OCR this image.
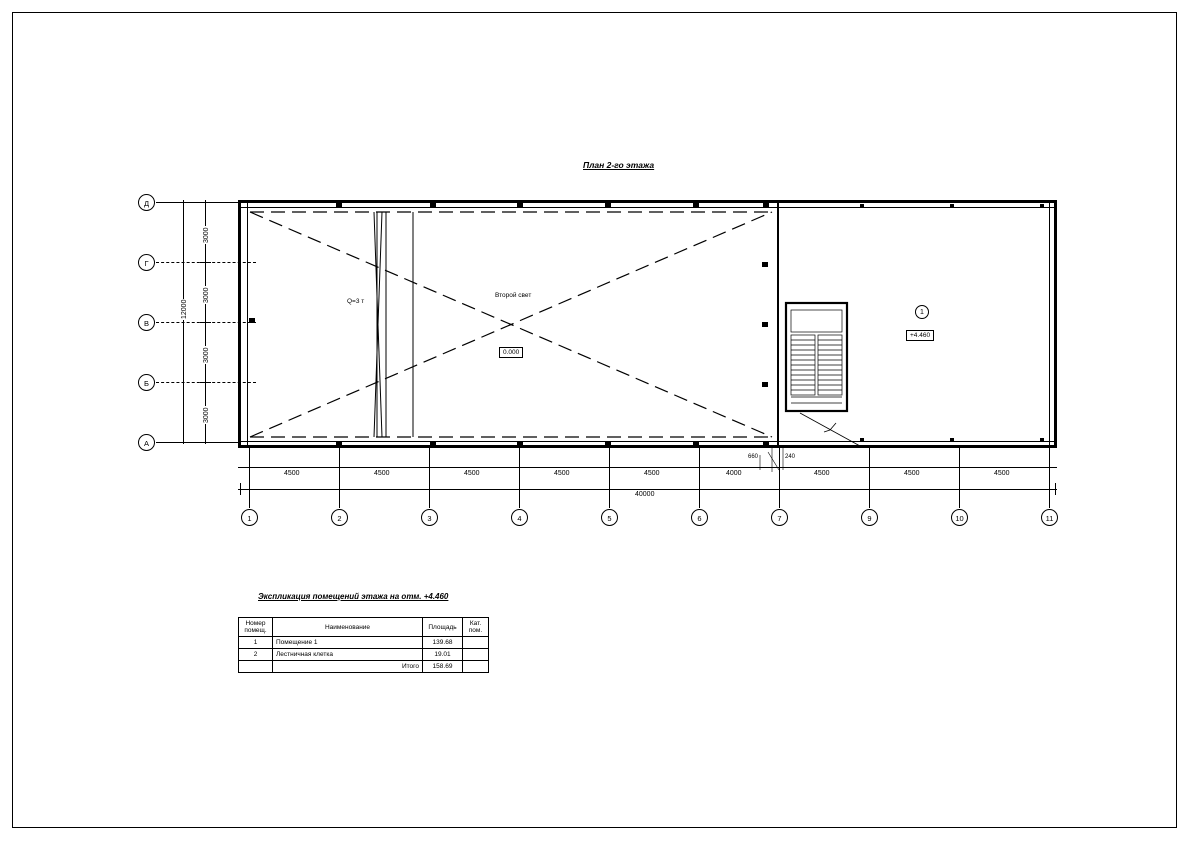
План 2-го этажа
Второй свет
Q=3 т
0.000
+4.460
1
Д
Г
В
Б
А
3000
3000
3000
3000
12000
4500	4500	4500	4500	4500	4000	4500	4500	4500
40000
660	240
1	2	3	4	5	6	7	9	10	11
Экспликация помещений этажа на отм. +4.460
Номер
помещ.	Наименование	Площадь	Кат.
пом.

1	Помещение 1	139.68	
2	Лестничная клетка	19.01	
	Итого	158.69	
